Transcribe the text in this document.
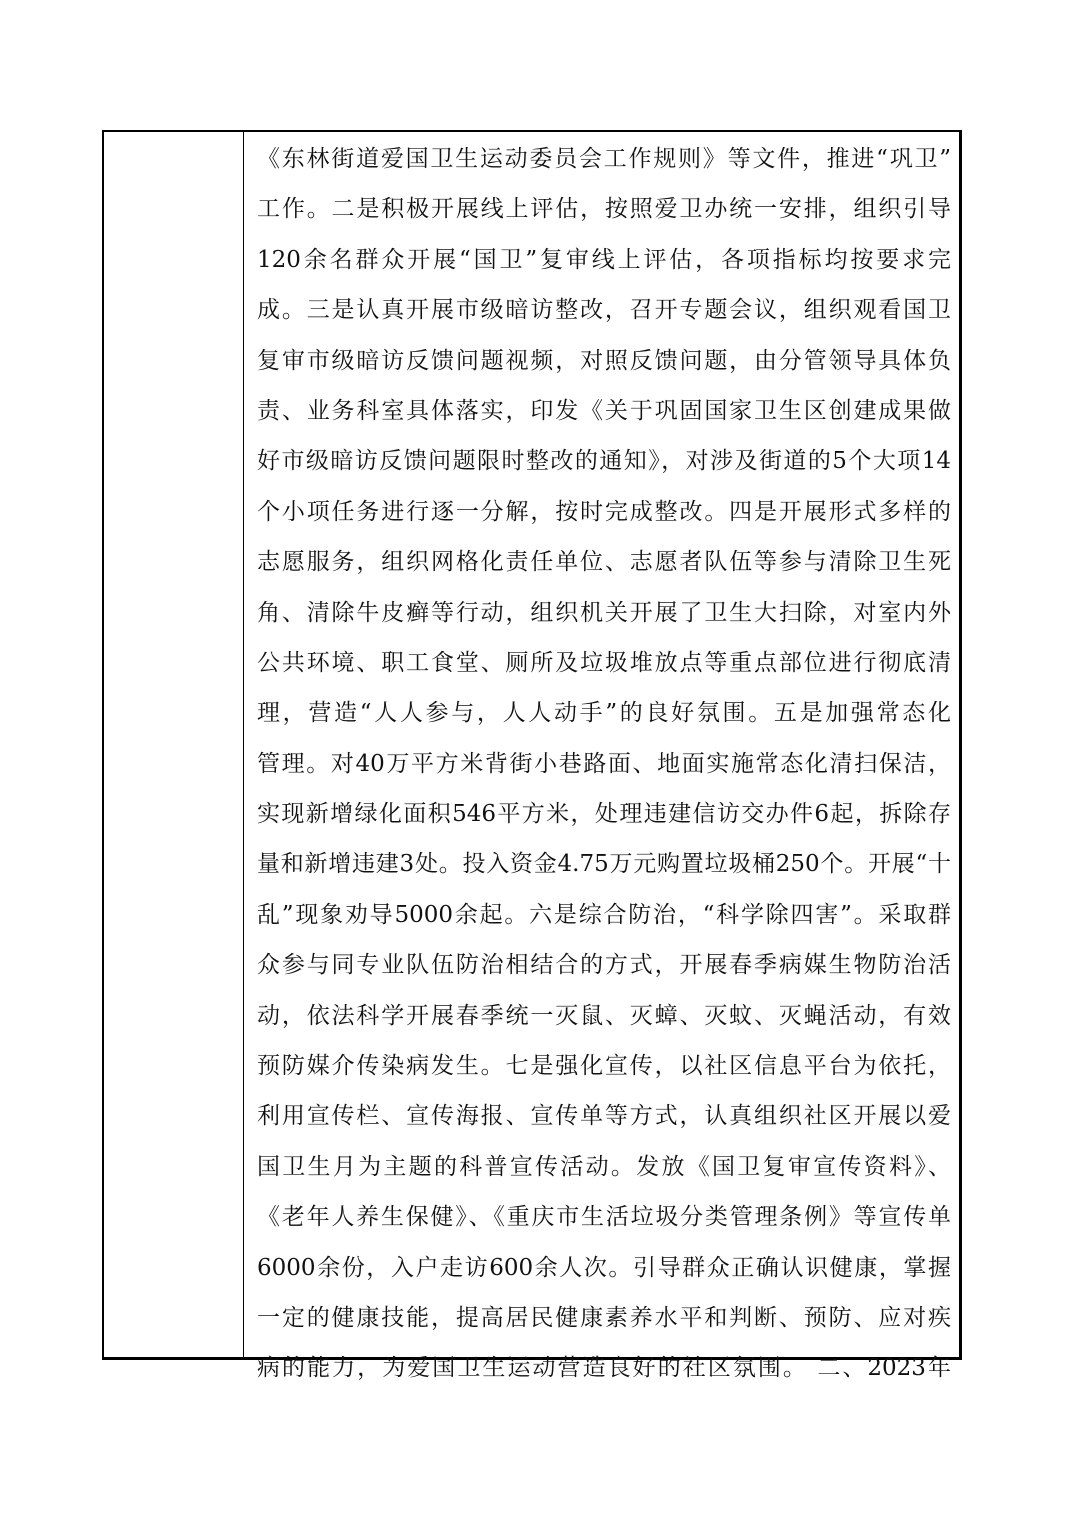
《东林街道爱国卫生运动委员会工作规则》等文件，推进“巩卫”
工作。二是积极开展线上评估，按照爱卫办统一安排，组织引导
120余名群众开展“国卫”复审线上评估，各项指标均按要求完
成。三是认真开展市级暗访整改，召开专题会议，组织观看国卫
复审市级暗访反馈问题视频，对照反馈问题，由分管领导具体负
责、业务科室具体落实，印发《关于巩固国家卫生区创建成果做
好市级暗访反馈问题限时整改的通知》，对涉及街道的5个大项14
个小项任务进行逐一分解，按时完成整改。四是开展形式多样的
志愿服务，组织网格化责任单位、志愿者队伍等参与清除卫生死
角、清除牛皮癣等行动，组织机关开展了卫生大扫除，对室内外
公共环境、职工食堂、厕所及垃圾堆放点等重点部位进行彻底清
理，营造“人人参与，人人动手”的良好氛围。五是加强常态化
管理。对40万平方米背街小巷路面、地面实施常态化清扫保洁，
实现新增绿化面积546平方米，处理违建信访交办件6起，拆除存
量和新增违建3处。投入资金4.75万元购置垃圾桶250个。开展“十
乱”现象劝导5000余起。六是综合防治，“科学除四害”。采取群
众参与同专业队伍防治相结合的方式，开展春季病媒生物防治活
动，依法科学开展春季统一灭鼠、灭蟑、灭蚊、灭蝇活动，有效
预防媒介传染病发生。七是强化宣传，以社区信息平台为依托，
利用宣传栏、宣传海报、宣传单等方式，认真组织社区开展以爱
国卫生月为主题的科普宣传活动。发放《国卫复审宣传资料》、
《老年人养生保健》、《重庆市生活垃圾分类管理条例》等宣传单
6000余份，入户走访600余人次。引导群众正确认识健康，掌握
一定的健康技能，提高居民健康素养水平和判断、预防、应对疾
病的能力，为爱国卫生运动营造良好的社区氛围。 二、2023年
